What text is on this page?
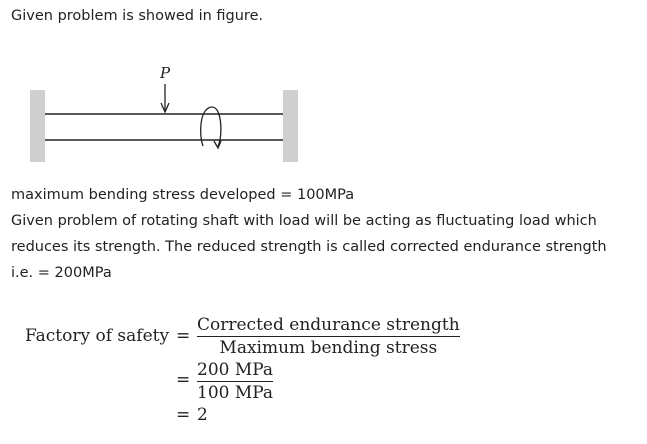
Given problem is showed in figure.
P
maximum bending stress developed = 100MPa
Given problem of rotating shaft with load will be acting as fluctuating load which
reduces its strength. The reduced strength is called corrected endurance strength
i.e. = 200MPa
Factory of safety =
Corrected endurance strength
Maximum bending stress
= 200 MPa
100 MPa
= 2
